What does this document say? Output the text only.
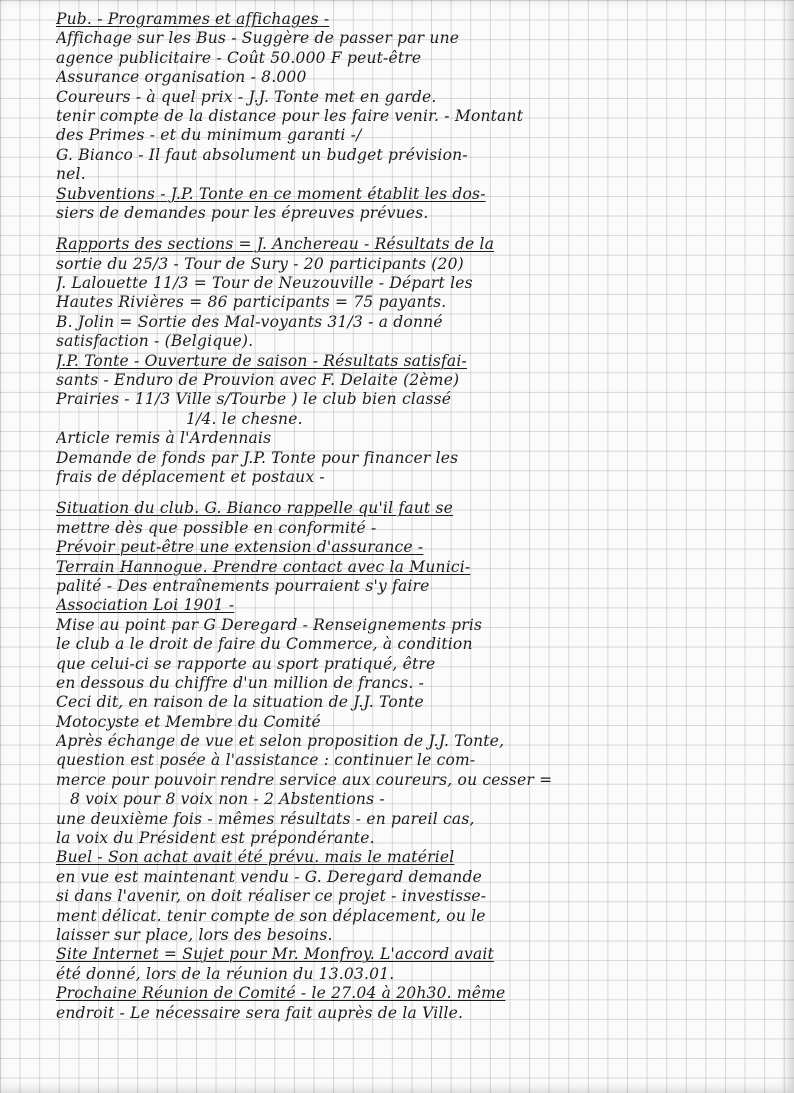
Pub. - Programmes et affichages -
Affichage sur les Bus - Suggère de passer par une
agence publicitaire - Coût 50.000 F peut-être
Assurance organisation - 8.000
Coureurs - à quel prix - J.J. Tonte met en garde.
tenir compte de la distance pour les faire venir. - Montant
des Primes - et du minimum garanti -/
G. Bianco - Il faut absolument un budget prévision-
nel.
Subventions - J.P. Tonte en ce moment établit les dos-
siers de demandes pour les épreuves prévues.
Rapports des sections = J. Anchereau - Résultats de la
sortie du 25/3 - Tour de Sury - 20 participants (20)
J. Lalouette 11/3 = Tour de Neuzouville - Départ les
Hautes Rivières = 86 participants = 75 payants.
B. Jolin = Sortie des Mal-voyants 31/3 - a donné
satisfaction - (Belgique).
J.P. Tonte - Ouverture de saison - Résultats satisfai-
sants - Enduro de Prouvion avec F. Delaite (2ème)
Prairies - 11/3 Ville s/Tourbe ) le club bien classé
1/4. le chesne.
Article remis à l'Ardennais
Demande de fonds par J.P. Tonte pour financer les
frais de déplacement et postaux -
Situation du club. G. Bianco rappelle qu'il faut se
mettre dès que possible en conformité -
Prévoir peut-être une extension d'assurance -
Terrain Hannogue. Prendre contact avec la Munici-
palité - Des entraînements pourraient s'y faire
Association Loi 1901 -
Mise au point par G Deregard - Renseignements pris
le club a le droit de faire du Commerce, à condition
que celui-ci se rapporte au sport pratiqué, être
en dessous du chiffre d'un million de francs. -
Ceci dit, en raison de la situation de J.J. Tonte
Motocyste et Membre du Comité
Après échange de vue et selon proposition de J.J. Tonte,
question est posée à l'assistance : continuer le com-
merce pour pouvoir rendre service aux coureurs, ou cesser =
8 voix pour 8 voix non - 2 Abstentions -
une deuxième fois - mêmes résultats - en pareil cas,
la voix du Président est prépondérante.
Buel - Son achat avait été prévu. mais le matériel
en vue est maintenant vendu - G. Deregard demande
si dans l'avenir, on doit réaliser ce projet - investisse-
ment délicat. tenir compte de son déplacement, ou le
laisser sur place, lors des besoins.
Site Internet = Sujet pour Mr. Monfroy. L'accord avait
été donné, lors de la réunion du 13.03.01.
Prochaine Réunion de Comité - le 27.04 à 20h30. même
endroit - Le nécessaire sera fait auprès de la Ville.
